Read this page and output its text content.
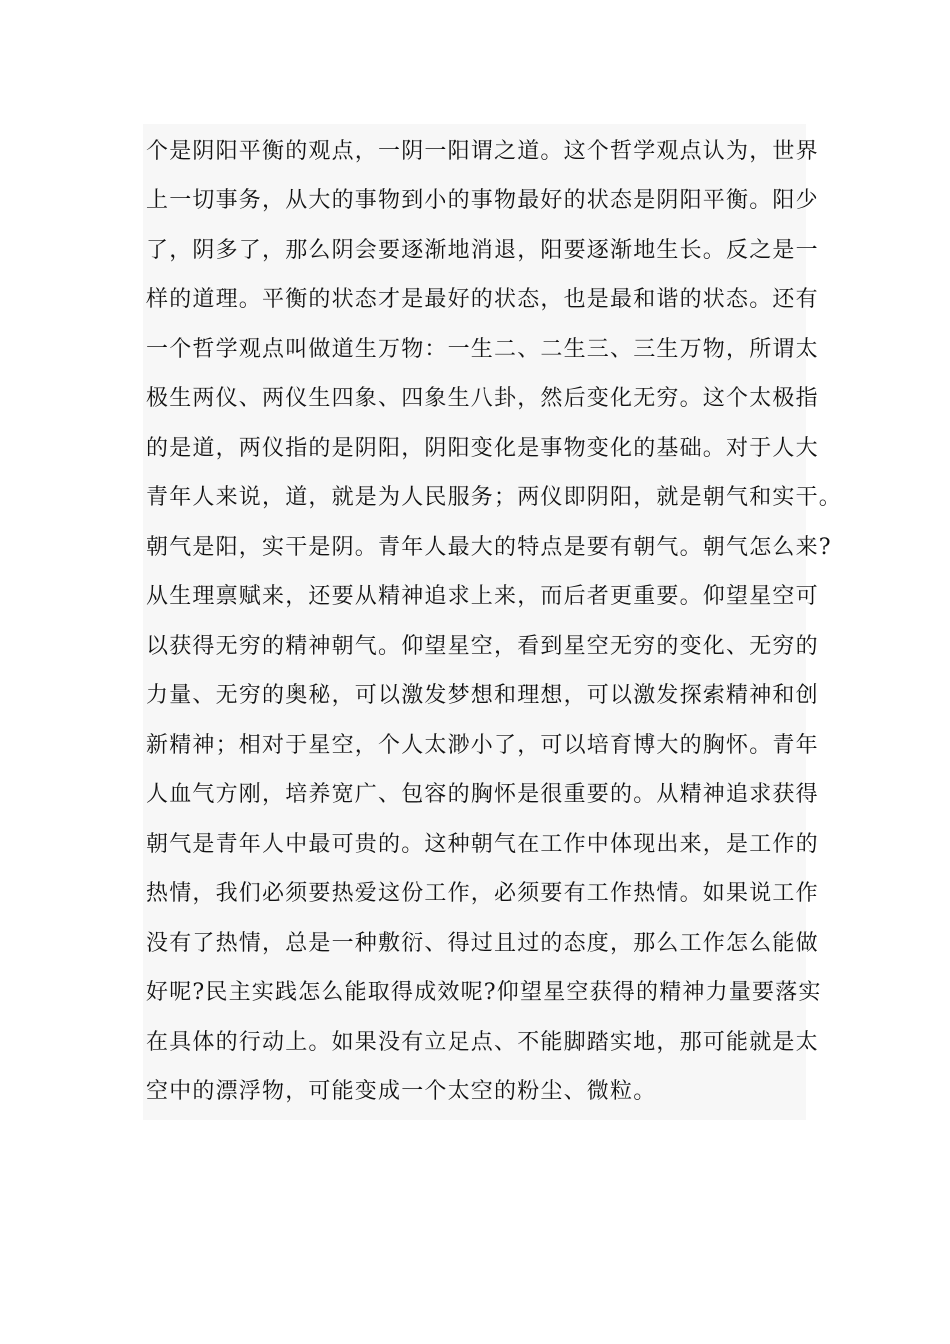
个是阴阳平衡的观点，一阴一阳谓之道。这个哲学观点认为，世界
上一切事务，从大的事物到小的事物最好的状态是阴阳平衡。阳少
了，阴多了，那么阴会要逐渐地消退，阳要逐渐地生长。反之是一
样的道理。平衡的状态才是最好的状态，也是最和谐的状态。还有
一个哲学观点叫做道生万物：一生二、二生三、三生万物，所谓太
极生两仪、两仪生四象、四象生八卦，然后变化无穷。这个太极指
的是道，两仪指的是阴阳，阴阳变化是事物变化的基础。对于人大
青年人来说，道，就是为人民服务；两仪即阴阳，就是朝气和实干。
朝气是阳，实干是阴。青年人最大的特点是要有朝气。朝气怎么来?
从生理禀赋来，还要从精神追求上来，而后者更重要。仰望星空可
以获得无穷的精神朝气。仰望星空，看到星空无穷的变化、无穷的
力量、无穷的奥秘，可以激发梦想和理想，可以激发探索精神和创
新精神；相对于星空，个人太渺小了，可以培育博大的胸怀。青年
人血气方刚，培养宽广、包容的胸怀是很重要的。从精神追求获得
朝气是青年人中最可贵的。这种朝气在工作中体现出来，是工作的
热情，我们必须要热爱这份工作，必须要有工作热情。如果说工作
没有了热情，总是一种敷衍、得过且过的态度，那么工作怎么能做
好呢?民主实践怎么能取得成效呢?仰望星空获得的精神力量要落实
在具体的行动上。如果没有立足点、不能脚踏实地，那可能就是太
空中的漂浮物，可能变成一个太空的粉尘、微粒。
